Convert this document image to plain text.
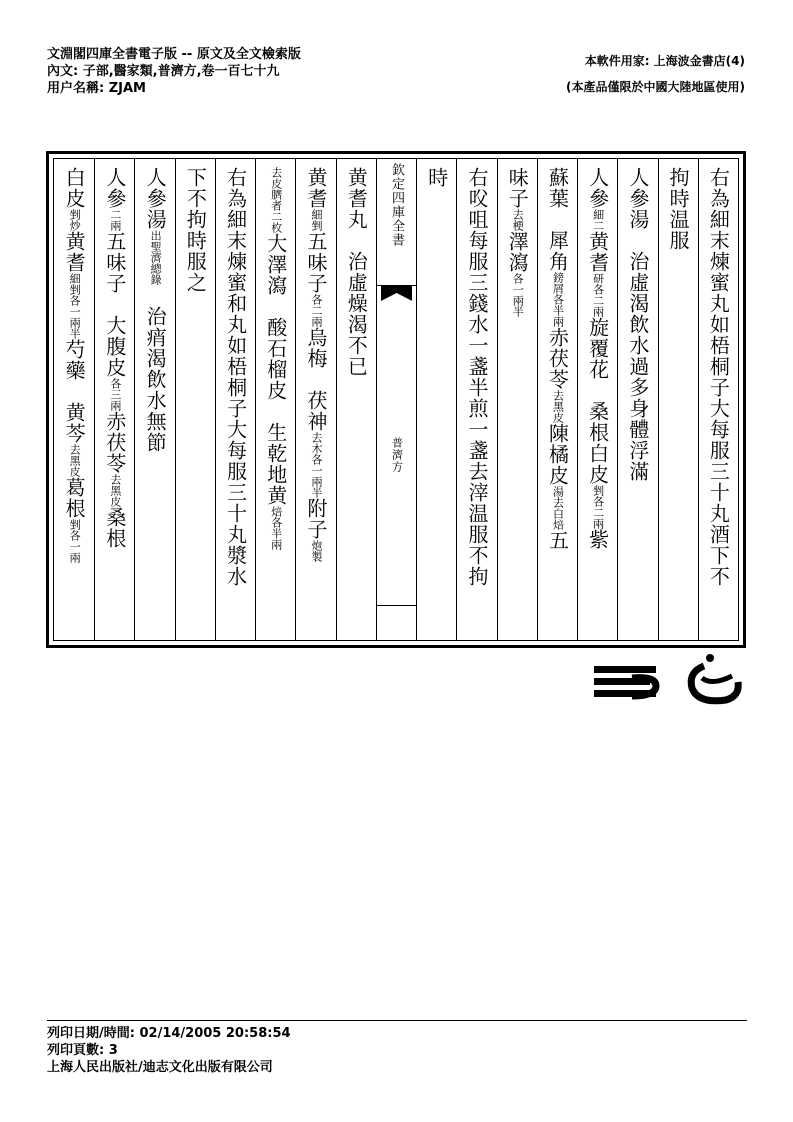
文淵閣四庫全書電子版 -- 原文及全文檢索版
內文: 子部,醫家類,普濟方,卷一百七十九
用户名稱: ZJAM
本軟件用家: 上海波金書店(4)
(本產品僅限於中國大陸地區使用)
右為細末煉蜜丸如梧桐子大每服三十丸酒下不
拘時温服
人參湯　治虛渴飲水過多身體浮滿
人參細二黄耆研各二兩旋覆花　桑根白皮剉各二兩紫
蘇葉　犀角鎊屑各半兩赤茯苓去黑皮陳橘皮湯去白焙五
味子去梗澤瀉各一兩半
右㕮咀每服三錢水一盞半煎一盞去滓温服不拘
時
欽定四庫全書
普濟方
黄耆丸　治虛燥渴不已
黄耆細剉五味子各二兩烏梅　茯神去木各一兩半附子炮製
去皮臍者二枚大澤瀉　酸石榴皮　生乾地黄焙各半兩
右為細末煉蜜和丸如梧桐子大每服三十丸漿水
下不拘時服之
人參湯出聖濟總錄　治痟渴飲水無節
人參二兩五味子　大腹皮各三兩赤茯苓去黑皮桑根
白皮剉炒黄耆細剉各一兩半芍藥　黄芩去黑皮葛根剉各一兩
列印日期/時間: 02/14/2005 20:58:54
列印頁數: 3
上海人民出版社/迪志文化出版有限公司
